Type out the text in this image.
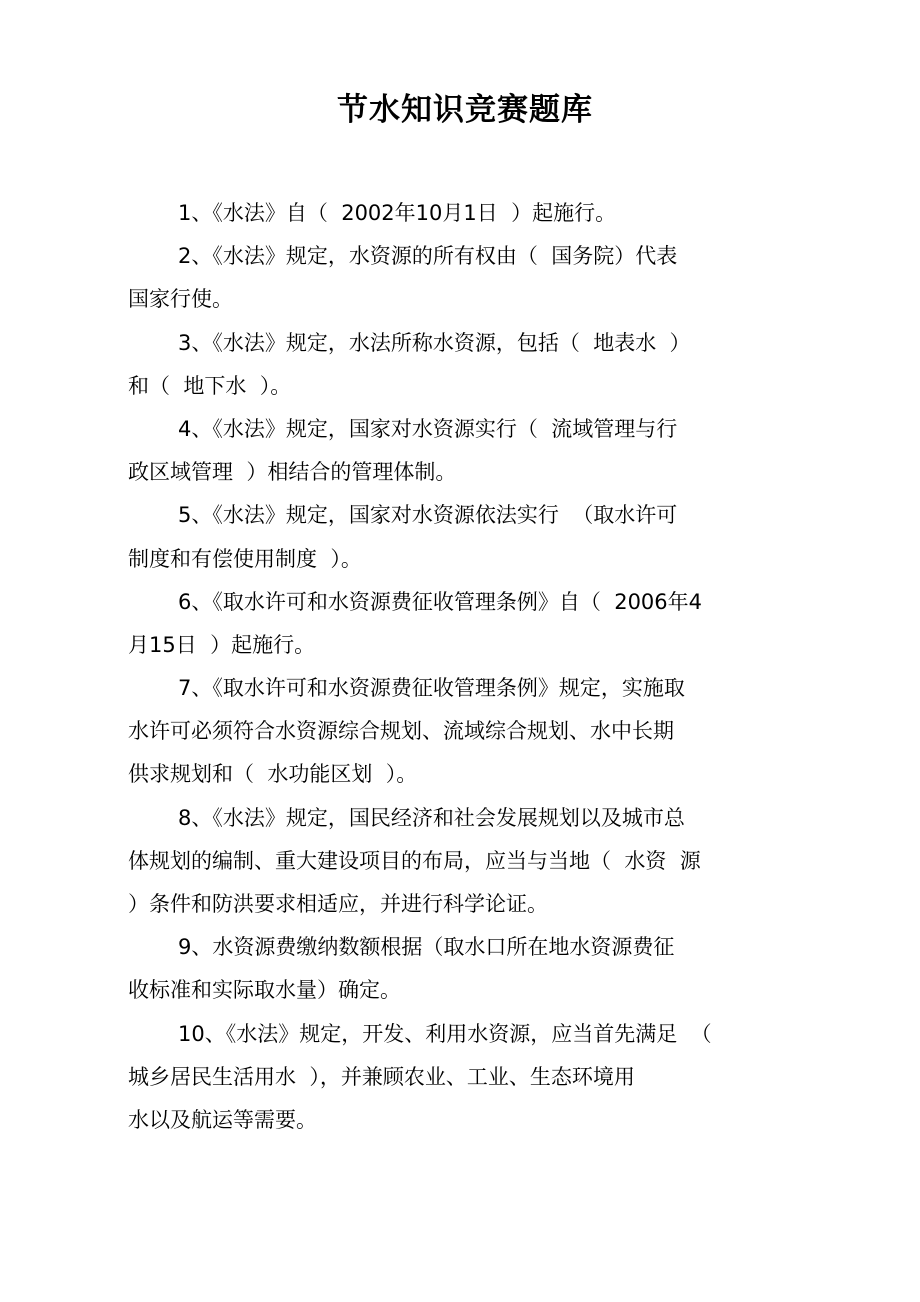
节水知识竞赛题库
1、《水法》自（  2002年10月1日  ）起施行。
2、《水法》规定，水资源的所有权由（  国务院）代表
国家行使。
3、《水法》规定，水法所称水资源，包括（  地表水  ）
和（  地下水  ）。
4、《水法》规定，国家对水资源实行（  流域管理与行
政区域管理  ）相结合的管理体制。
5、《水法》规定，国家对水资源依法实行  （取水许可
制度和有偿使用制度  ）。
6、《取水许可和水资源费征收管理条例》自（  2006年4
月15日  ）起施行。
7、《取水许可和水资源费征收管理条例》规定，实施取
水许可必须符合水资源综合规划、流域综合规划、水中长期
供求规划和（  水功能区划  ）。
8、《水法》规定，国民经济和社会发展规划以及城市总
体规划的编制、重大建设项目的布局，应当与当地（  水资  源
）条件和防洪要求相适应，并进行科学论证。
9、水资源费缴纳数额根据（取水口所在地水资源费征
收标准和实际取水量）确定。
10、《水法》规定，开发、利用水资源，应当首先满足  （
城乡居民生活用水  ），并兼顾农业、工业、生态环境用
水以及航运等需要。
